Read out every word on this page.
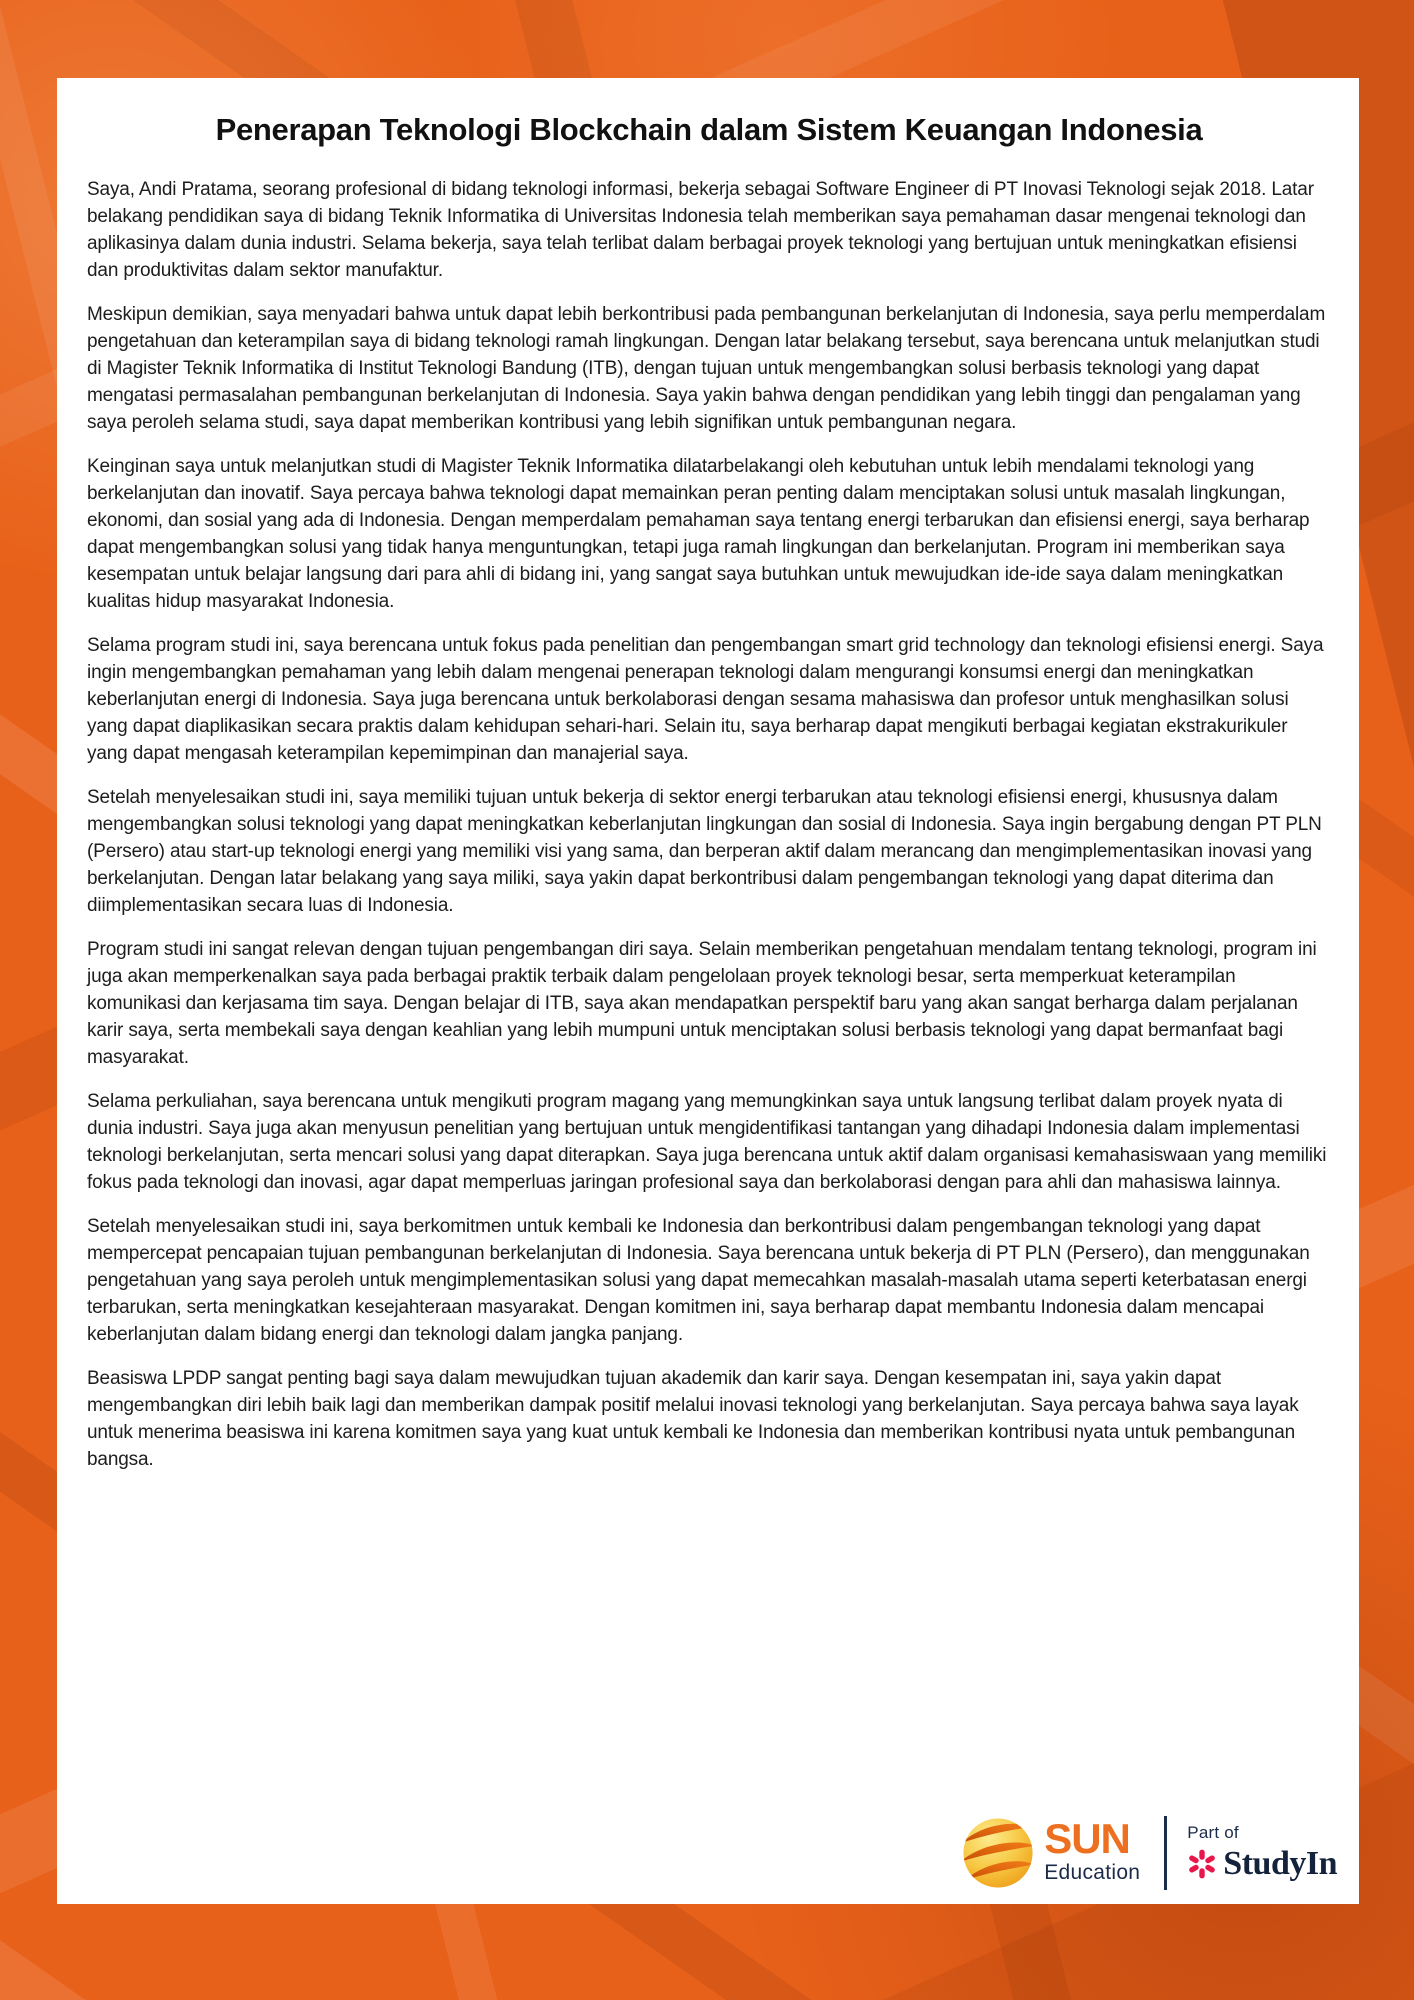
Penerapan Teknologi Blockchain dalam Sistem Keuangan Indonesia

Saya, Andi Pratama, seorang profesional di bidang teknologi informasi, bekerja sebagai Software Engineer di PT Inovasi Teknologi sejak 2018. Latar belakang pendidikan saya di bidang Teknik Informatika di Universitas Indonesia telah memberikan saya pemahaman dasar mengenai teknologi dan aplikasinya dalam dunia industri. Selama bekerja, saya telah terlibat dalam berbagai proyek teknologi yang bertujuan untuk meningkatkan efisiensi dan produktivitas dalam sektor manufaktur.

Meskipun demikian, saya menyadari bahwa untuk dapat lebih berkontribusi pada pembangunan berkelanjutan di Indonesia, saya perlu memperdalam pengetahuan dan keterampilan saya di bidang teknologi ramah lingkungan. Dengan latar belakang tersebut, saya berencana untuk melanjutkan studi di Magister Teknik Informatika di Institut Teknologi Bandung (ITB), dengan tujuan untuk mengembangkan solusi berbasis teknologi yang dapat mengatasi permasalahan pembangunan berkelanjutan di Indonesia. Saya yakin bahwa dengan pendidikan yang lebih tinggi dan pengalaman yang saya peroleh selama studi, saya dapat memberikan kontribusi yang lebih signifikan untuk pembangunan negara.

Keinginan saya untuk melanjutkan studi di Magister Teknik Informatika dilatarbelakangi oleh kebutuhan untuk lebih mendalami teknologi yang berkelanjutan dan inovatif. Saya percaya bahwa teknologi dapat memainkan peran penting dalam menciptakan solusi untuk masalah lingkungan, ekonomi, dan sosial yang ada di Indonesia. Dengan memperdalam pemahaman saya tentang energi terbarukan dan efisiensi energi, saya berharap dapat mengembangkan solusi yang tidak hanya menguntungkan, tetapi juga ramah lingkungan dan berkelanjutan. Program ini memberikan saya kesempatan untuk belajar langsung dari para ahli di bidang ini, yang sangat saya butuhkan untuk mewujudkan ide-ide saya dalam meningkatkan kualitas hidup masyarakat Indonesia.

Selama program studi ini, saya berencana untuk fokus pada penelitian dan pengembangan smart grid technology dan teknologi efisiensi energi. Saya ingin mengembangkan pemahaman yang lebih dalam mengenai penerapan teknologi dalam mengurangi konsumsi energi dan meningkatkan keberlanjutan energi di Indonesia. Saya juga berencana untuk berkolaborasi dengan sesama mahasiswa dan profesor untuk menghasilkan solusi yang dapat diaplikasikan secara praktis dalam kehidupan sehari-hari. Selain itu, saya berharap dapat mengikuti berbagai kegiatan ekstrakurikuler yang dapat mengasah keterampilan kepemimpinan dan manajerial saya.

Setelah menyelesaikan studi ini, saya memiliki tujuan untuk bekerja di sektor energi terbarukan atau teknologi efisiensi energi, khususnya dalam mengembangkan solusi teknologi yang dapat meningkatkan keberlanjutan lingkungan dan sosial di Indonesia. Saya ingin bergabung dengan PT PLN (Persero) atau start-up teknologi energi yang memiliki visi yang sama, dan berperan aktif dalam merancang dan mengimplementasikan inovasi yang berkelanjutan. Dengan latar belakang yang saya miliki, saya yakin dapat berkontribusi dalam pengembangan teknologi yang dapat diterima dan diimplementasikan secara luas di Indonesia.

Program studi ini sangat relevan dengan tujuan pengembangan diri saya. Selain memberikan pengetahuan mendalam tentang teknologi, program ini juga akan memperkenalkan saya pada berbagai praktik terbaik dalam pengelolaan proyek teknologi besar, serta memperkuat keterampilan komunikasi dan kerjasama tim saya. Dengan belajar di ITB, saya akan mendapatkan perspektif baru yang akan sangat berharga dalam perjalanan karir saya, serta membekali saya dengan keahlian yang lebih mumpuni untuk menciptakan solusi berbasis teknologi yang dapat bermanfaat bagi masyarakat.

Selama perkuliahan, saya berencana untuk mengikuti program magang yang memungkinkan saya untuk langsung terlibat dalam proyek nyata di dunia industri. Saya juga akan menyusun penelitian yang bertujuan untuk mengidentifikasi tantangan yang dihadapi Indonesia dalam implementasi teknologi berkelanjutan, serta mencari solusi yang dapat diterapkan. Saya juga berencana untuk aktif dalam organisasi kemahasiswaan yang memiliki fokus pada teknologi dan inovasi, agar dapat memperluas jaringan profesional saya dan berkolaborasi dengan para ahli dan mahasiswa lainnya.

Setelah menyelesaikan studi ini, saya berkomitmen untuk kembali ke Indonesia dan berkontribusi dalam pengembangan teknologi yang dapat mempercepat pencapaian tujuan pembangunan berkelanjutan di Indonesia. Saya berencana untuk bekerja di PT PLN (Persero), dan menggunakan pengetahuan yang saya peroleh untuk mengimplementasikan solusi yang dapat memecahkan masalah-masalah utama seperti keterbatasan energi terbarukan, serta meningkatkan kesejahteraan masyarakat. Dengan komitmen ini, saya berharap dapat membantu Indonesia dalam mencapai keberlanjutan dalam bidang energi dan teknologi dalam jangka panjang.

Beasiswa LPDP sangat penting bagi saya dalam mewujudkan tujuan akademik dan karir saya. Dengan kesempatan ini, saya yakin dapat mengembangkan diri lebih baik lagi dan memberikan dampak positif melalui inovasi teknologi yang berkelanjutan. Saya percaya bahwa saya layak untuk menerima beasiswa ini karena komitmen saya yang kuat untuk kembali ke Indonesia dan memberikan kontribusi nyata untuk pembangunan bangsa.

SUN
Education
Part of
StudyIn
